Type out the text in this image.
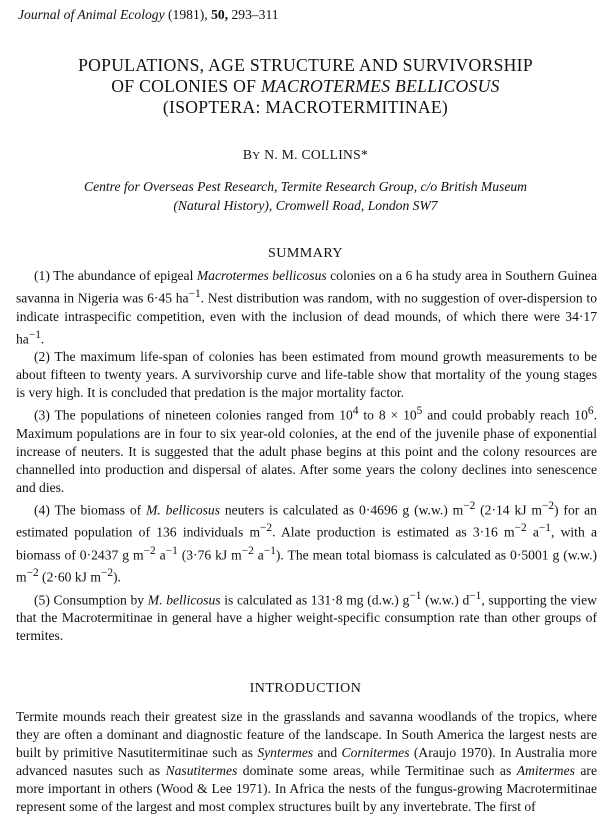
Journal of Animal Ecology (1981), 50, 293–311
POPULATIONS, AGE STRUCTURE AND SURVIVORSHIP
OF COLONIES OF MACROTERMES BELLICOSUS
(ISOPTERA: MACROTERMITINAE)
BY N. M. COLLINS*
Centre for Overseas Pest Research, Termite Research Group, c/o British Museum
(Natural History), Cromwell Road, London SW7
SUMMARY

(1) The abundance of epigeal Macrotermes bellicosus colonies on a 6 ha study area in Southern Guinea savanna in Nigeria was 6·45 $ha^{-1}$. Nest distribution was random, with no suggestion of over-dispersion to indicate intraspecific competition, even with the inclusion of dead mounds, of which there were 34·17 $ha^{-1}$.

(2) The maximum life-span of colonies has been estimated from mound growth measurements to be about fifteen to twenty years. A survivorship curve and life-table show that mortality of the young stages is very high. It is concluded that predation is the major mortality factor.

(3) The populations of nineteen colonies ranged from $10^4$ to $8 \times 10^5$ and could probably reach $10^6$. Maximum populations are in four to six year-old colonies, at the end of the juvenile phase of exponential increase of neuters. It is suggested that the adult phase begins at this point and the colony resources are channelled into production and dispersal of alates. After some years the colony declines into senescence and dies.

(4) The biomass of M. bellicosus neuters is calculated as 0·4696 g (w.w.) $m^{-2}$ (2·14 kJ $m^{-2}$) for an estimated population of 136 individuals $m^{-2}$. Alate production is estimated as 3·16 $m^{-2}$ $a^{-1}$, with a biomass of 0·2437 g $m^{-2}$ $a^{-1}$ (3·76 kJ $m^{-2}$ $a^{-1}$). The mean total biomass is calculated as 0·5001 g (w.w.) $m^{-2}$ (2·60 kJ $m^{-2}$).

(5) Consumption by M. bellicosus is calculated as 131·8 mg (d.w.) $g^{-1}$ (w.w.) $d^{-1}$, supporting the view that the Macrotermitinae in general have a higher weight-specific consumption rate than other groups of termites.

INTRODUCTION

Termite mounds reach their greatest size in the grasslands and savanna woodlands of the tropics, where they are often a dominant and diagnostic feature of the landscape. In South America the largest nests are built by primitive Nasutitermitinae such as Syntermes and Cornitermes (Araujo 1970). In Australia more advanced nasutes such as Nasutitermes dominate some areas, while Termitinae such as Amitermes are more important in others (Wood & Lee 1971). In Africa the nests of the fungus-growing Macrotermitinae represent some of the largest and most complex structures built by any invertebrate. The first of
